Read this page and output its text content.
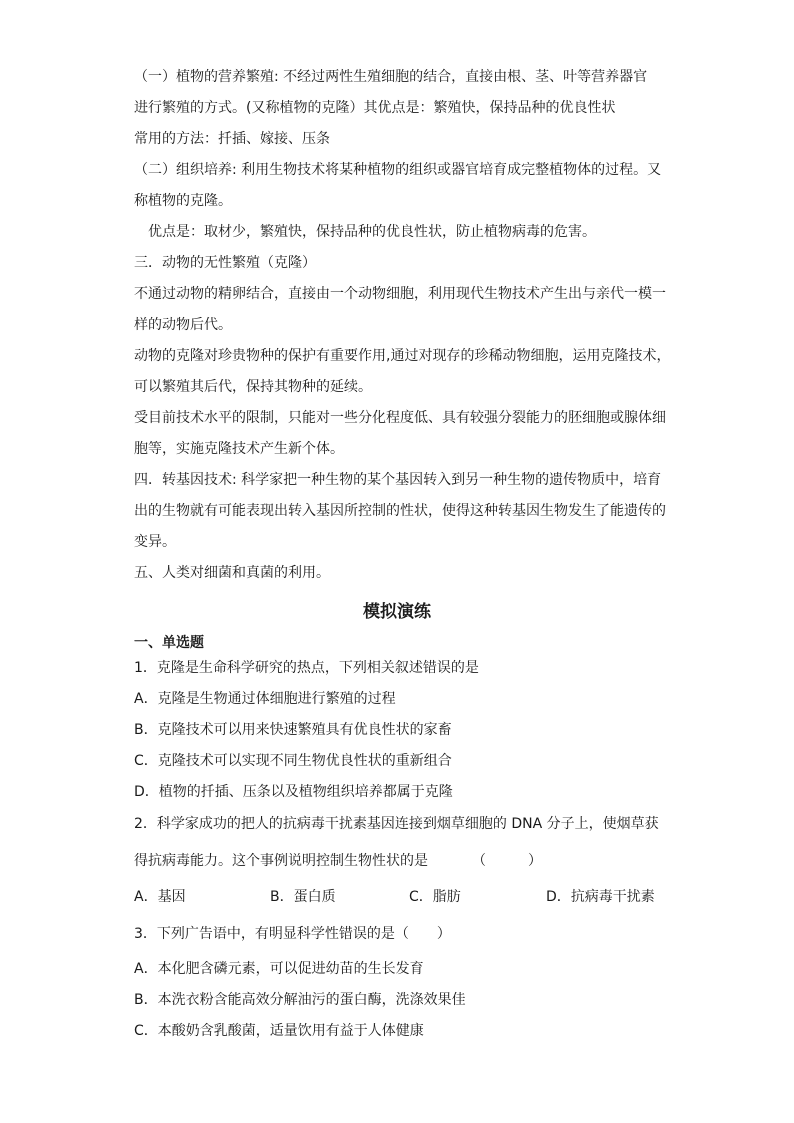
（一）植物的营养繁殖: 不经过两性生殖细胞的结合，直接由根、茎、叶等营养器官
进行繁殖的方式。(又称植物的克隆）其优点是：繁殖快，保持品种的优良性状
常用的方法：扦插、嫁接、压条
（二）组织培养: 利用生物技术将某种植物的组织或器官培育成完整植物体的过程。又
称植物的克隆。
优点是：取材少，繁殖快，保持品种的优良性状，防止植物病毒的危害。
三．动物的无性繁殖（克隆）
不通过动物的精卵结合，直接由一个动物细胞，利用现代生物技术产生出与亲代一模一
样的动物后代。
动物的克隆对珍贵物种的保护有重要作用,通过对现存的珍稀动物细胞，运用克隆技术，
可以繁殖其后代，保持其物种的延续。
受目前技术水平的限制，只能对一些分化程度低、具有较强分裂能力的胚细胞或腺体细
胞等，实施克隆技术产生新个体。
四．转基因技术: 科学家把一种生物的某个基因转入到另一种生物的遗传物质中，培育
出的生物就有可能表现出转入基因所控制的性状，使得这种转基因生物发生了能遗传的
变异。
五、人类对细菌和真菌的利用。
模拟演练
一、单选题
1．克隆是生命科学研究的热点，下列相关叙述错误的是
A．克隆是生物通过体细胞进行繁殖的过程
B．克隆技术可以用来快速繁殖具有优良性状的家畜
C．克隆技术可以实现不同生物优良性状的重新组合
D．植物的扦插、压条以及植物组织培养都属于克隆
2．科学家成功的把人的抗病毒干扰素基因连接到烟草细胞的 DNA 分子上，使烟草获
得抗病毒能力。这个事例说明控制生物性状的是	（　　　）
A．基因	B．蛋白质	C．脂肪	D．抗病毒干扰素
3．下列广告语中，有明显科学性错误的是（　　）
A．本化肥含磷元素，可以促进幼苗的生长发育
B．本洗衣粉含能高效分解油污的蛋白酶，洗涤效果佳
C．本酸奶含乳酸菌，适量饮用有益于人体健康
